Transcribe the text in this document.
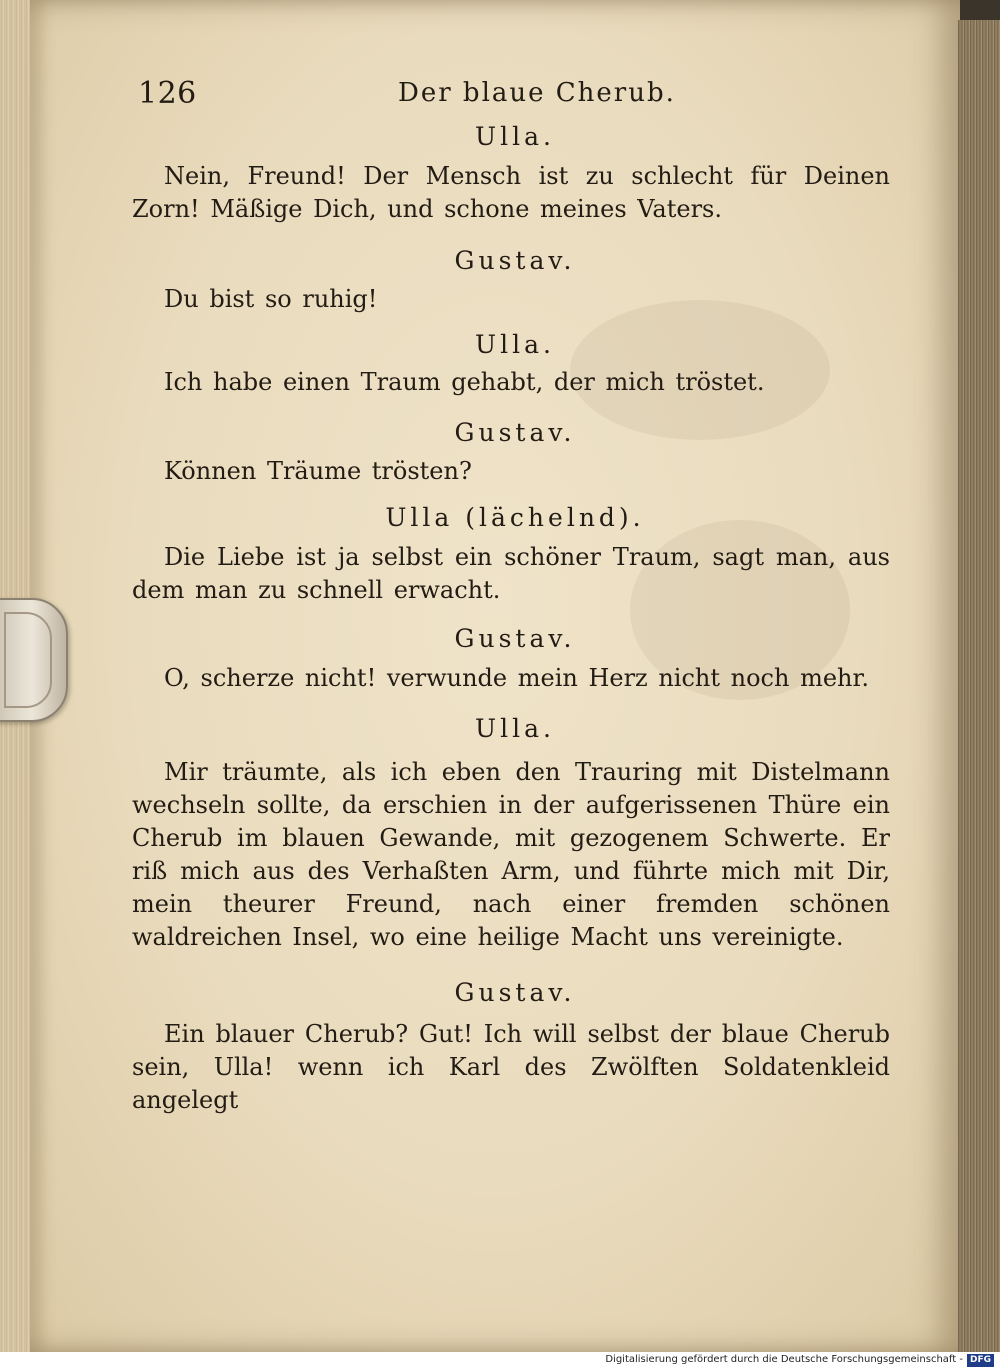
126	Der blaue Cherub.
Ulla.
Nein, Freund! Der Mensch ist zu schlecht für Deinen Zorn! Mäßige Dich, und schone meines Vaters.
Gustav.
Du bist so ruhig!
Ulla.
Ich habe einen Traum gehabt, der mich tröstet.
Gustav.
Können Träume trösten?
Ulla (lächelnd).
Die Liebe ist ja selbst ein schöner Traum, sagt man, aus dem man zu schnell erwacht.
Gustav.
O, scherze nicht! verwunde mein Herz nicht noch mehr.
Ulla.
Mir träumte, als ich eben den Trauring mit Distelmann wechseln sollte, da erschien in der aufgerissenen Thüre ein Cherub im blauen Gewande, mit gezogenem Schwerte. Er riß mich aus des Verhaßten Arm, und führte mich mit Dir, mein theurer Freund, nach einer fremden schönen waldreichen Insel, wo eine heilige Macht uns vereinigte.
Gustav.
Ein blauer Cherub? Gut! Ich will selbst der blaue Cherub sein, Ulla! wenn ich Karl des Zwölften Soldatenkleid angelegt
Digitalisierung gefördert durch die Deutsche Forschungsgemeinschaft - DFG
